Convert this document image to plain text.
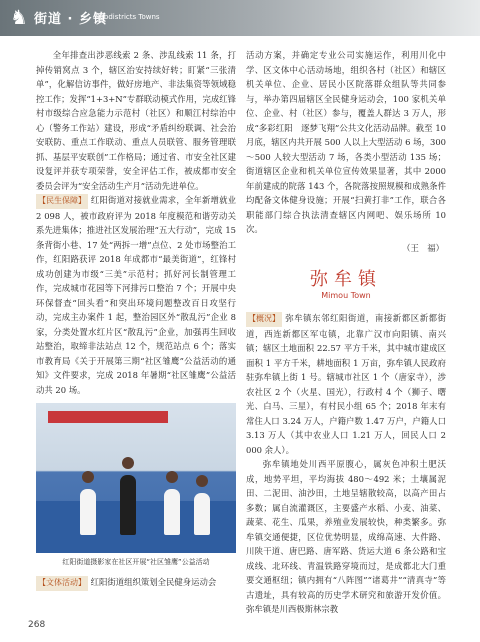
♞ 街道 · 乡镇
Subdistricts Towns

全年排查出涉恶线索 2 条、涉乱线索 11 条，打掉传销窝点 3 个，辖区治安持续好转；盯紧“三张清单”，化解信访事件，做好房地产、非法集资等领域稳控工作；发挥“1+3+N”专群联动模式作用，完成红锋村市级综合应急能力示范村（社区）和顺江村综治中心（警务工作站）建设，形成“矛盾纠纷联调、社会治安联防、重点工作联动、重点人员联管、服务管理联抓、基层平安联创”工作格局；通过省、市安全社区建设复评并获专项荣誉，安全评估工作，被成都市安全委员会评为“安全活动生产月”活动先进单位。

【民生保障】 红阳街道对接就业需求，全年新增就业 2 098 人，被市政府评为 2018 年度模范和谐劳动关系先进集体；推进社区发展治理“五大行动”，完成 15 条背街小巷、17 处“两拆一增”点位、2 处市场整治工作，红阳路获评 2018 年成都市“最美街道”，红锋村成功创建为市级“三美”示范村；抓好河长制管理工作，完成城市花园等下河排污口整治 7 个；开展中央环保督查“回头看”和突出环境问题整改百日攻坚行动，完成主办案件 1 起，整治园区外“散乱污”企业 8 家，分类处置水红片区“散乱污”企业，加强再生回收站整治，取缔非法站点 12 个，规范站点 6 个；落实市教育局《关于开展第三期“社区雏鹰”公益活动的通知》文件要求，完成 2018 年暑期“社区雏鹰”公益活动共 20 场。

红阳街道摄影家在社区开展“社区雏鹰”公益活动

【文体活动】 红阳街道组织策划全民健身运动会

活动方案，并确定专业公司实施运作，利用川化中学、区文体中心活动场地，组织各村（社区）和辖区机关单位、企业、居民小区院落群众组队等共同参与，举办第四届辖区全民健身运动会，100 家机关单位、企业、村（社区）参与，覆盖人群达 3 万人，形成“多彩红阳　逐梦飞翔”公共文化活动品牌。截至 10 月底，辖区内共开展 500 人以上大型活动 6 场，300～500 人较大型活动 7 场，各类小型活动 135 场；街道辖区企业和机关单位宣传效果显著，其中 2000 年前建成的院落 143 个，各院落按照规模和成熟条件均配备文体健身设施；开展“扫黄打非”工作，联合各职能部门综合执法清查辖区内网吧、娱乐场所 10 次。

（王　福）
弥牟镇
Mimou Town

【概况】 弥牟镇东邻红阳街道，南接新都区新都街道，西连新都区军屯镇，北靠广汉市向阳镇、南兴镇；辖区土地面积 22.57 平方千米，其中城市建成区面积 1 平方千米，耕地面积 1 万亩，弥牟镇人民政府驻弥牟镇上街 1 号。辖城市社区 1 个（唐家寺），涉农社区 2 个（火星、国光），行政村 4 个（狮子、曙光、白马、三星），有村民小组 65 个；2018 年末有常住人口 3.24 万人，户籍户数 1.47 万户，户籍人口 3.13 万人（其中农业人口 1.21 万人，回民人口 2 000 余人）。

弥牟镇地处川西平原腹心，属灰色冲积土肥沃成，地势平坦，平均海拔 480～492 米；土壤属泥田、二泥田、油沙田，土地呈辖散较高，以高产田占多数；属自流灌溉区，主要盛产水稻、小麦、油菜、蔬菜、花生、瓜果，养殖业发展较快，种类繁多。弥牟镇交通便捷，区位优势明显，成绵高速、大件路、川陕干道、唐巴路、唐军路、货运大道 6 条公路和宝成线、北环线、青温铁路穿境而过，是成都北大门重要交通枢纽；镇内拥有“八阵图”“诸葛井”“清真寺”等古遗址，具有较高的历史学术研究和旅游开发价值。弥牟镇是川西极斯林宗教

268
